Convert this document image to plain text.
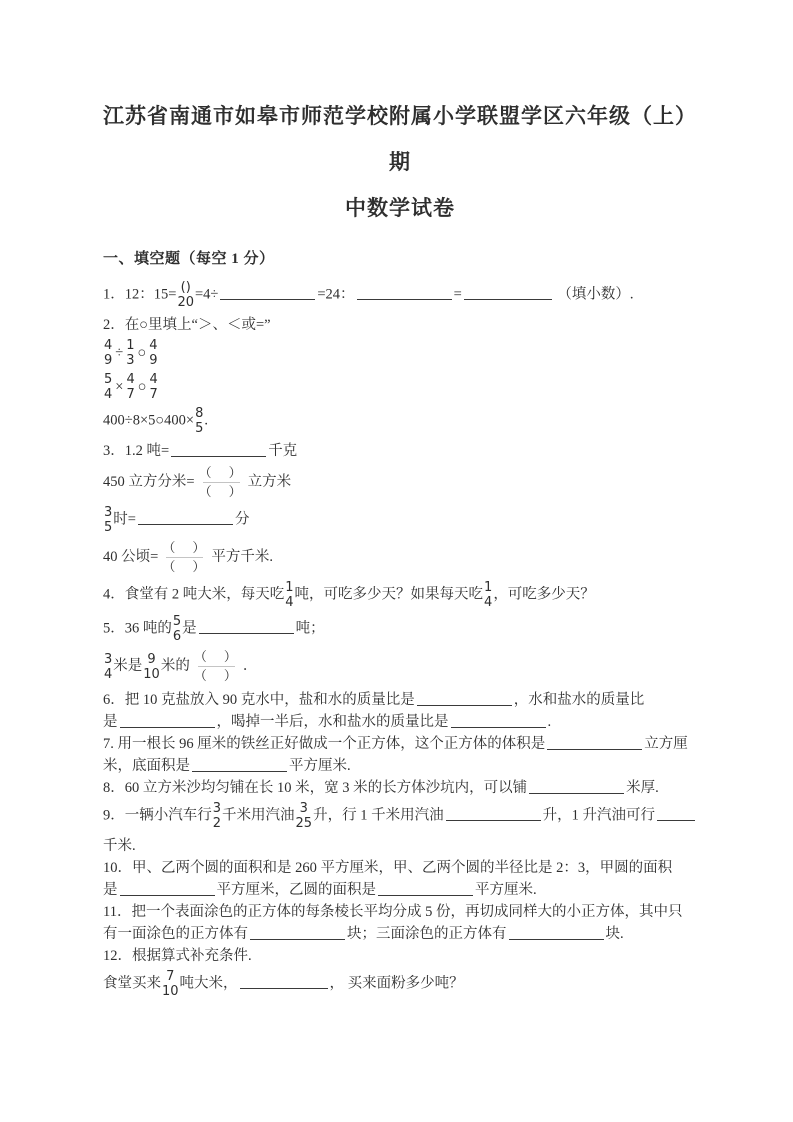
江苏省南通市如皋市师范学校附属小学联盟学区六年级（上）期
中数学试卷
一、填空题（每空 1 分）
1．12：15= ()
20
=4÷	=24：	=	（填小数）.
2．在○里填上“＞、＜或=”
4
9 ÷ 1
3 ○ 4
9
5
4 × 4
7 ○ 4
7
400÷8×5○400× 8
5
.
3．1.2 吨=	千克
450 立方分米= $\frac{( )}{( )}$ 立方米
3
5
时=	分
40 公顷= $\frac{( )}{( )}$ 平方千米.
4．食堂有 2 吨大米，每天吃 1
4
吨，可吃多少天？如果每天吃 1
4
，可吃多少天？
5．36 吨的 5
6
是	吨；
3
4
米是 9
10
米的 $\frac{( )}{( )}$ ．
6．把 10 克盐放入 90 克水中，盐和水的质量比是	，水和盐水的质量比
是	，喝掉一半后，水和盐水的质量比是	.
7. 用一根长 96 厘米的铁丝正好做成一个正方体，这个正方体的体积是	立方厘
米，底面积是	平方厘米.
8．60 立方米沙均匀铺在长 10 米，宽 3 米的长方体沙坑内，可以铺	米厚.
9．一辆小汽车行 3
2
千米用汽油 3
25
升，行 1 千米用汽油	升，1 升汽油可行
千米.
10．甲、乙两个圆的面积和是 260 平方厘米，甲、乙两个圆的半径比是 2：3，甲圆的面积
是	平方厘米，乙圆的面积是	平方厘米.
11．把一个表面涂色的正方体的每条棱长平均分成 5 份，再切成同样大的小正方体，其中只
有一面涂色的正方体有	块；三面涂色的正方体有	块.
12．根据算式补充条件.
食堂买来 7
10
吨大米，	， 买来面粉多少吨？
